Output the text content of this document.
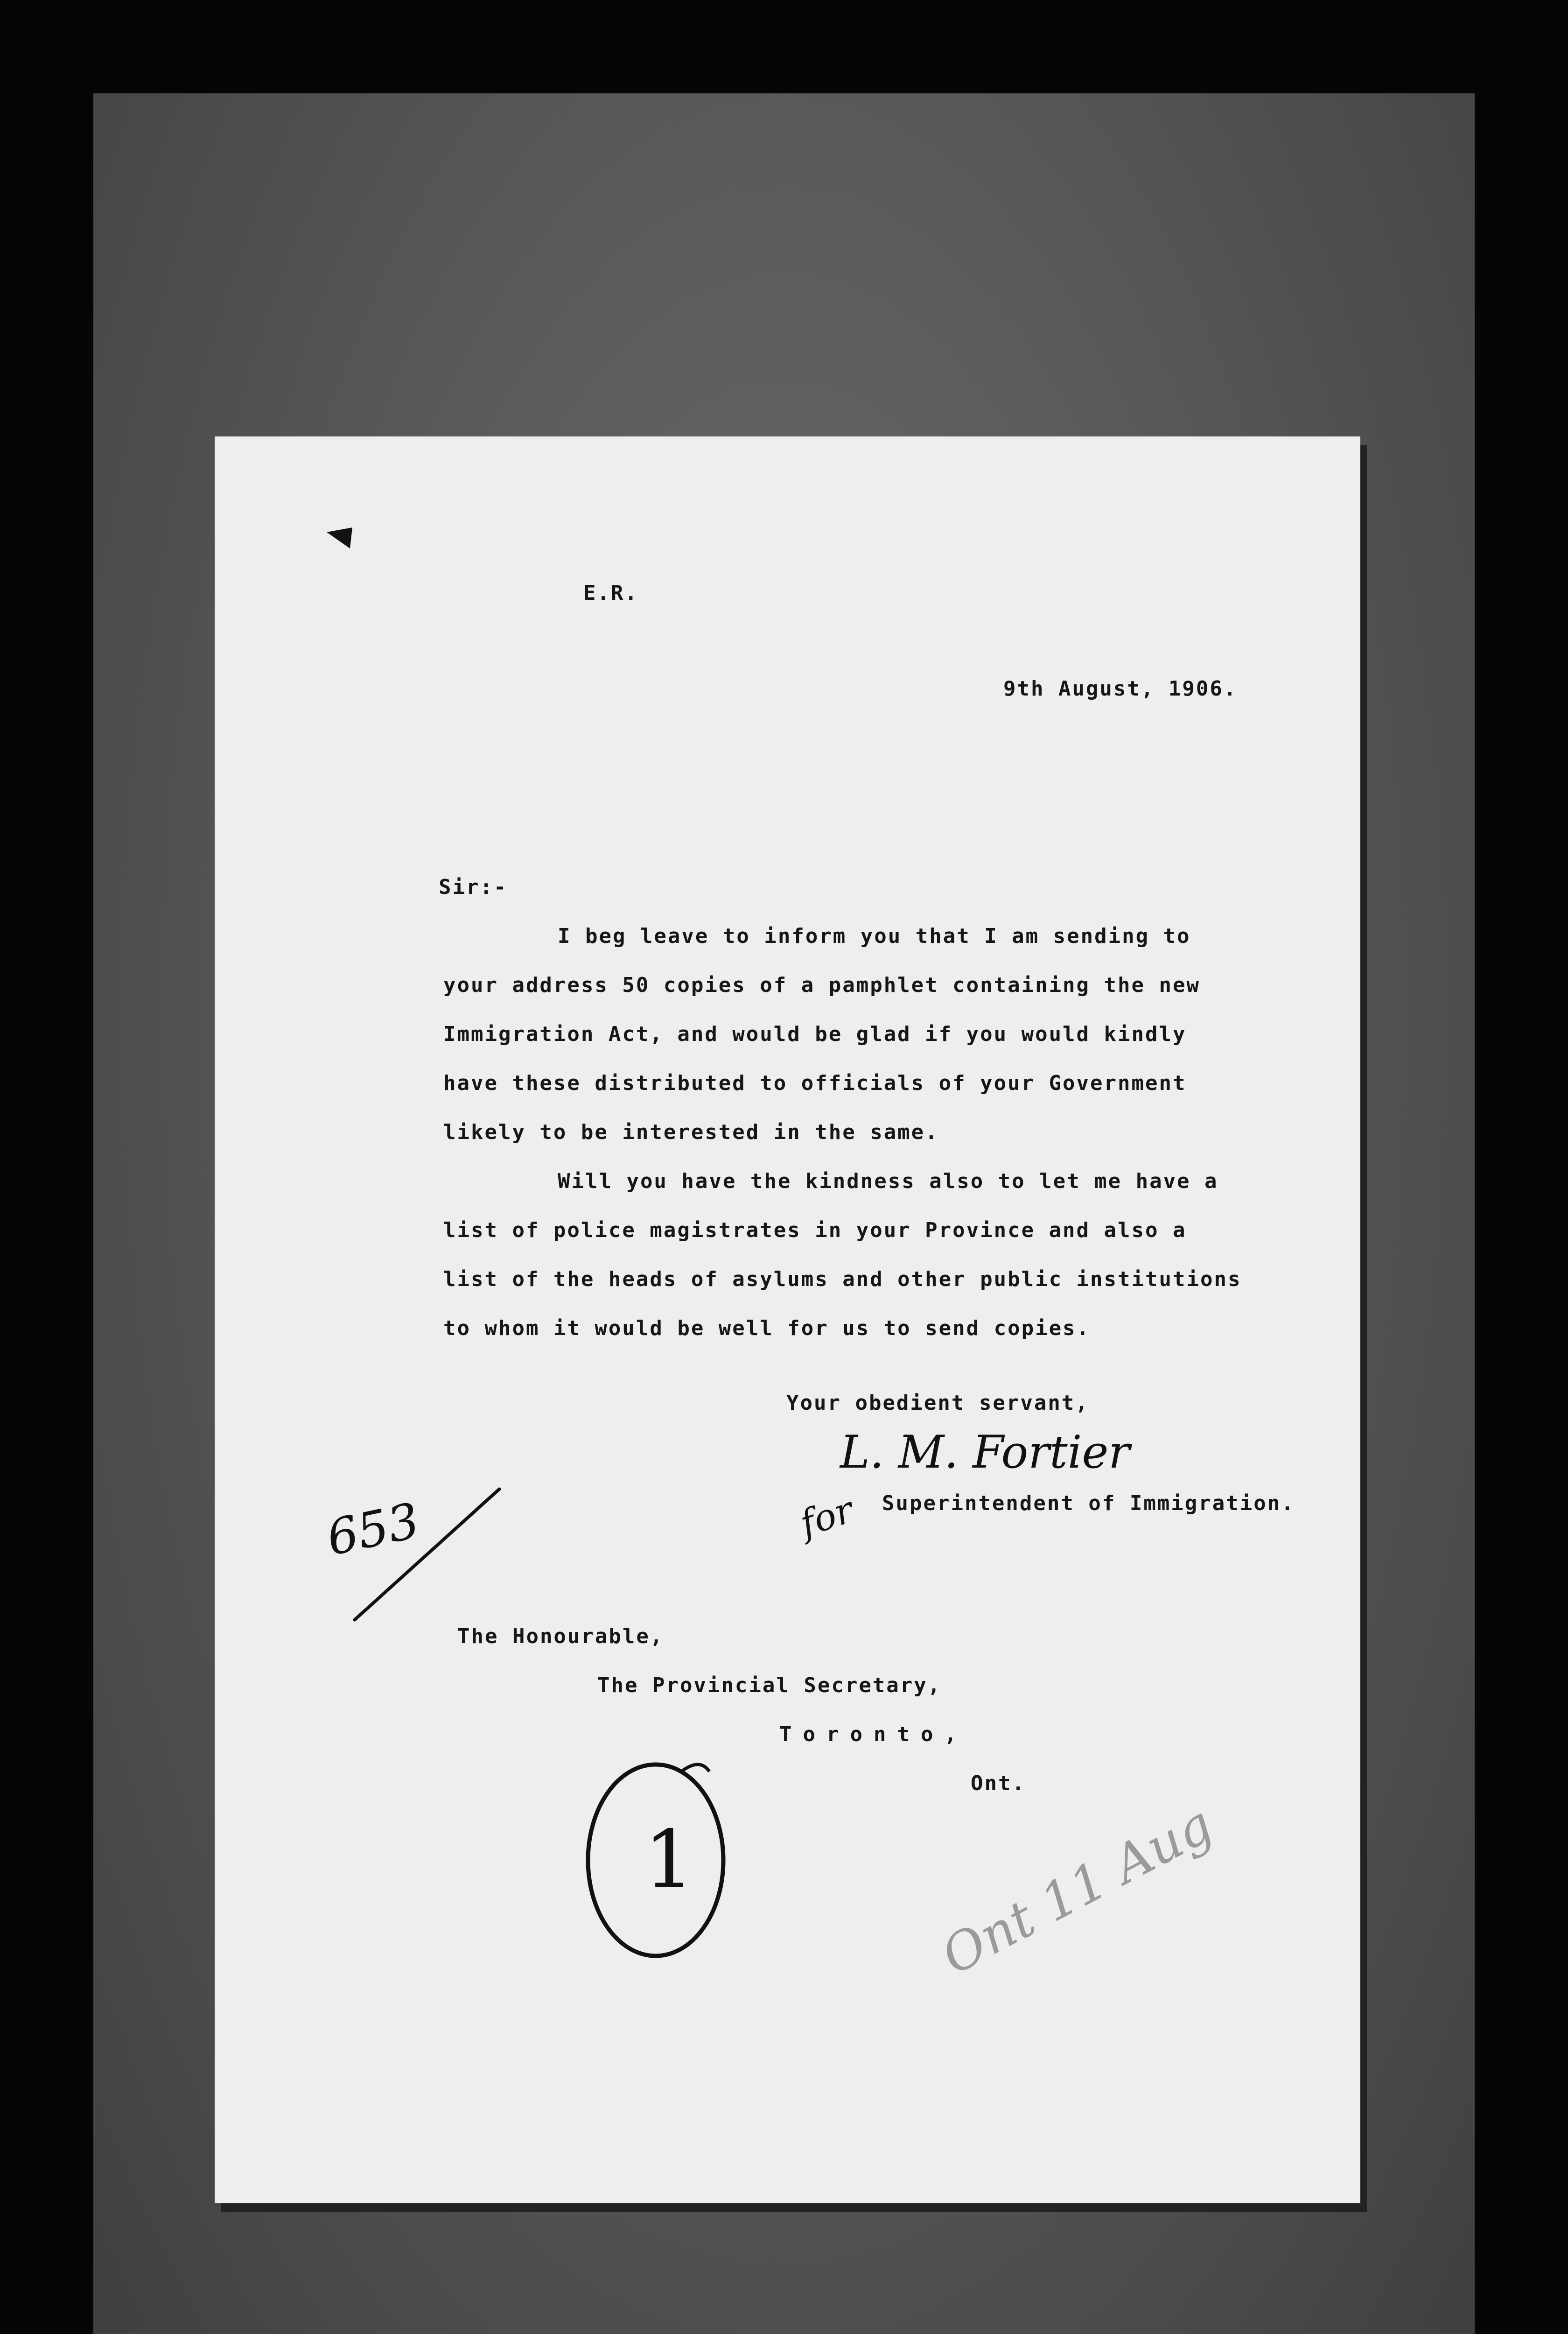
E.R.
9th August, 1906.
Sir:-
I beg leave to inform you that I am sending to
your address 50 copies of a pamphlet containing the new
Immigration Act, and would be glad if you would kindly
have these distributed to officials of your Government
likely to be interested in the same.
Will you have the kindness also to let me have a
list of police magistrates in your Province and also a
list of the heads of asylums and other public institutions
to whom it would be well for us to send copies.
Your obedient servant,
L. M. Fortier
for Superintendent of Immigration.
653
The Honourable,
The Provincial Secretary,
Toronto,
Ont.
1	Ont 11 Aug
